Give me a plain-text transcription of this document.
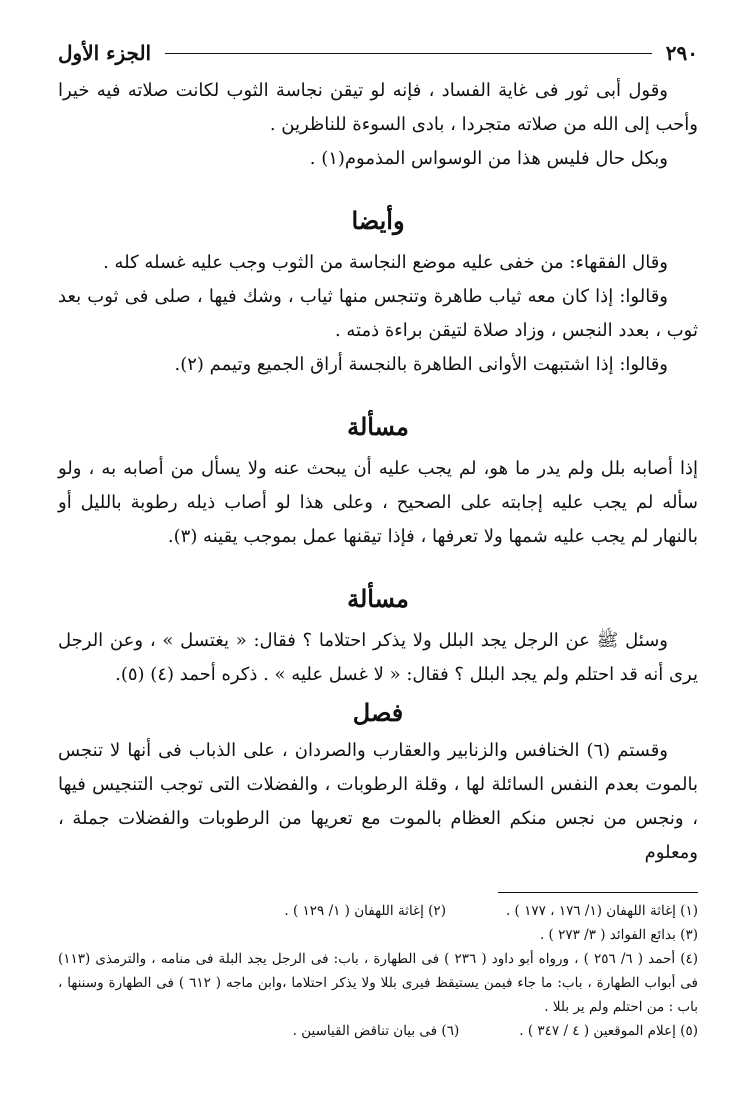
٢٩٠
الجزء الأول

وقول أبى ثور فى غاية الفساد ، فإنه لو تيقن نجاسة الثوب لكانت صلاته فيه خيرا وأحب إلى الله من صلاته متجردا ، بادى السوءة للناظرين .

وبكل حال فليس هذا من الوسواس المذموم(١) .

وأيضا

وقال الفقهاء: من خفى عليه موضع النجاسة من الثوب وجب عليه غسله كله .

وقالوا: إذا كان معه ثياب طاهرة وتنجس منها ثياب ، وشك فيها ، صلى فى ثوب بعد ثوب ، بعدد النجس ، وزاد صلاة لتيقن براءة ذمته .

وقالوا: إذا اشتبهت الأوانى الطاهرة بالنجسة أراق الجميع وتيمم (٢).

مسألة

إذا أصابه بلل ولم يدر ما هو، لم يجب عليه أن يبحث عنه ولا يسأل من أصابه به ، ولو سأله لم يجب عليه إجابته على الصحيح ، وعلى هذا لو أصاب ذيله رطوبة بالليل أو بالنهار لم يجب عليه شمها ولا تعرفها ، فإذا تيقنها عمل بموجب يقينه (٣).

مسألة

وسئل ﷺ عن الرجل يجد البلل ولا يذكر احتلاما ؟ فقال: « يغتسل » ، وعن الرجل يرى أنه قد احتلم ولم يجد البلل ؟ فقال: « لا غسل عليه » . ذكره أحمد (٤) (٥).

فصل

وقستم (٦) الخنافس والزنابير والعقارب والصردان ، على الذباب فى أنها لا تنجس بالموت بعدم النفس السائلة لها ، وقلة الرطوبات ، والفضلات التى توجب التنجيس فيها ، ونجس من نجس منكم العظام بالموت مع تعريها من الرطوبات والفضلات جملة ، ومعلوم

(١) إغاثة اللهفان (١/ ١٧٦ ، ١٧٧ ) .
(٢) إغاثة اللهفان ( ١/ ١٢٩ ) .

(٣) بدائع الفوائد ( ٣/ ٢٧٣ ) .

(٤) أحمد ( ٦/ ٢٥٦ ) ، ورواه أبو داود ( ٢٣٦ ) فى الطهارة ، باب: فى الرجل يجد البلة فى منامه ، والترمذى (١١٣) فى أبواب الطهارة ، باب: ما جاء فيمن يستيقظ فيرى بللا ولا يذكر احتلاما ،وابن ماجه ( ٦١٢ ) فى الطهارة وسننها ، باب : من احتلم ولم ير بللا .

(٥) إعلام الموقعين ( ٤ / ٣٤٧ ) .
(٦) فى بيان تناقض القياسين .
